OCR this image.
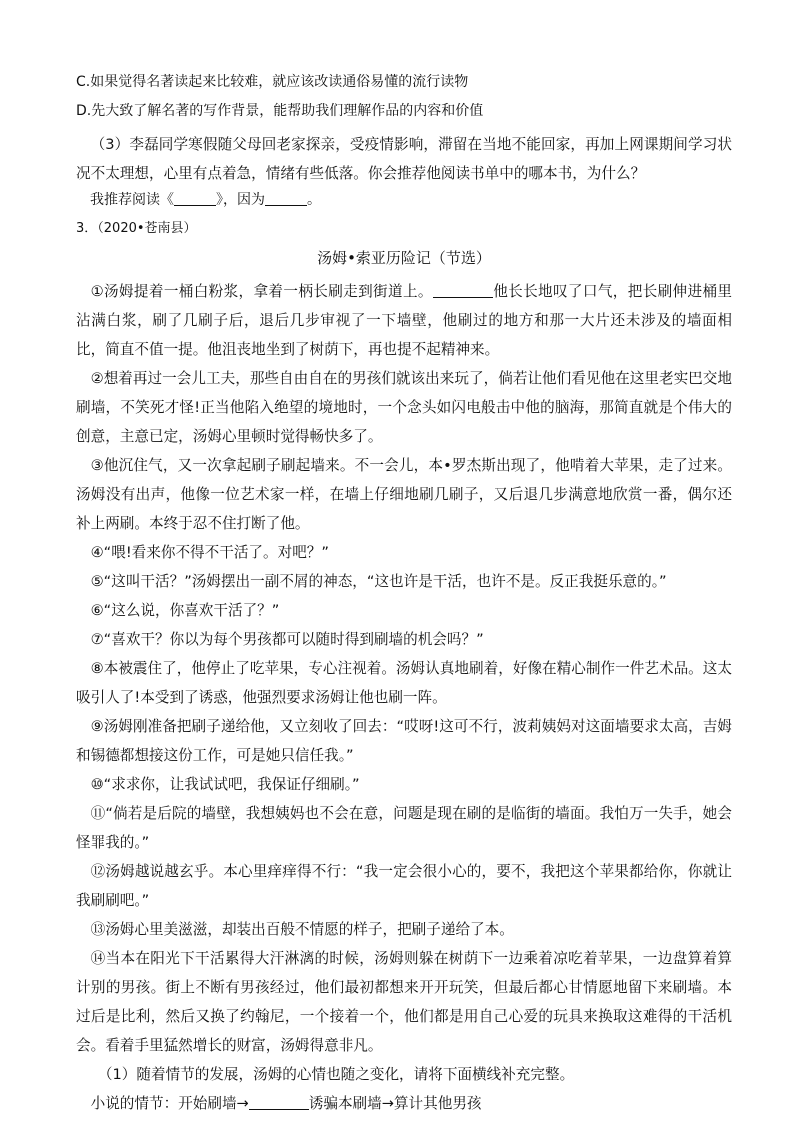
C.如果觉得名著读起来比较难，就应该改读通俗易懂的流行读物

D.先大致了解名著的写作背景，能帮助我们理解作品的内容和价值

（3）李磊同学寒假随父母回老家探亲，受疫情影响，滞留在当地不能回家，再加上网课期间学习状况不太理想，心里有点着急，情绪有些低落。你会推荐他阅读书单中的哪本书，为什么？

我推荐阅读《	》，因为	。

3．（2020•苍南县）

汤姆•索亚历险记（节选）

①汤姆提着一桶白粉浆，拿着一柄长刷走到街道上。	他长长地叹了口气，把长刷伸进桶里沾满白浆，刷了几刷子后，退后几步审视了一下墙壁，他刷过的地方和那一大片还未涉及的墙面相比，简直不值一提。他沮丧地坐到了树荫下，再也提不起精神来。

②想着再过一会儿工夫，那些自由自在的男孩们就该出来玩了，倘若让他们看见他在这里老实巴交地刷墙，不笑死才怪!正当他陷入绝望的境地时，一个念头如闪电般击中他的脑海，那简直就是个伟大的创意，主意已定，汤姆心里顿时觉得畅快多了。

③他沉住气，又一次拿起刷子刷起墙来。不一会儿，本•罗杰斯出现了，他啃着大苹果，走了过来。汤姆没有出声，他像一位艺术家一样，在墙上仔细地刷几刷子，又后退几步满意地欣赏一番，偶尔还补上两刷。本终于忍不住打断了他。

④“喂!看来你不得不干活了。对吧？”

⑤“这叫干活？”汤姆摆出一副不屑的神态，“这也许是干活，也许不是。反正我挺乐意的。”

⑥“这么说，你喜欢干活了？”

⑦“喜欢干？你以为每个男孩都可以随时得到刷墙的机会吗？”

⑧本被震住了，他停止了吃苹果，专心注视着。汤姆认真地刷着，好像在精心制作一件艺术品。这太吸引人了!本受到了诱惑，他强烈要求汤姆让他也刷一阵。

⑨汤姆刚准备把刷子递给他，又立刻收了回去：“哎呀!这可不行，波莉姨妈对这面墙要求太高，吉姆和锡德都想接这份工作，可是她只信任我。”

⑩“求求你，让我试试吧，我保证仔细刷。”

⑪“倘若是后院的墙壁，我想姨妈也不会在意，问题是现在刷的是临街的墙面。我怕万一失手，她会怪罪我的。”

⑫汤姆越说越玄乎。本心里痒痒得不行：“我一定会很小心的，要不，我把这个苹果都给你，你就让我刷刷吧。”

⑬汤姆心里美滋滋，却装出百般不情愿的样子，把刷子递给了本。

⑭当本在阳光下干活累得大汗淋漓的时候，汤姆则躲在树荫下一边乘着凉吃着苹果，一边盘算着算计别的男孩。街上不断有男孩经过，他们最初都想来开开玩笑，但最后都心甘情愿地留下来刷墙。本过后是比利，然后又换了约翰尼，一个接着一个，他们都是用自己心爱的玩具来换取这难得的干活机会。看着手里猛然增长的财富，汤姆得意非凡。

（1）随着情节的发展，汤姆的心情也随之变化，请将下面横线补充完整。

小说的情节：开始刷墙→	诱骗本刷墙→算计其他男孩
